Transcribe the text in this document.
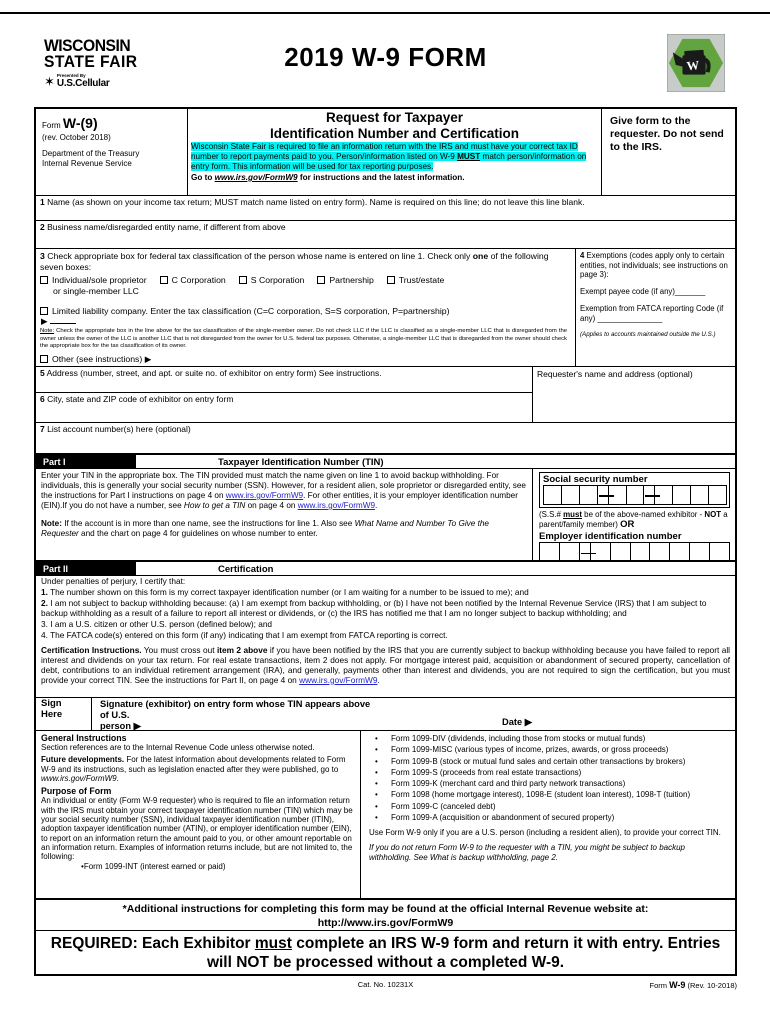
WISCONSIN
STATE FAIR
✶ Presented By
U.S.Cellular
2019 W-9 FORM	W
Form W-(9)
(rev. October 2018)
Department of the Treasury
Internal Revenue Service
Request for Taxpayer
Identification Number and Certification
Wisconsin State Fair is required to file an information return with the IRS and must have your correct tax ID number to report payments paid to you. Person/information listed on W-9 MUST match person/information on entry form. This information will be used for tax reporting purposes.
Go to www.irs.gov/FormW9 for instructions and the latest information.
Give form to the requester. Do not send to the IRS.
1 Name (as shown on your income tax return; MUST match name listed on entry form). Name is required on this line; do not leave this line blank.
2 Business name/disregarded entity name, if different from above
3 Check appropriate box for federal tax classification of the person whose name is entered on line 1. Check only one of the following seven boxes:
Individual/sole proprietor	C Corporation	S Corporation	Partnership	Trust/estate
or single-member LLC
Limited liability company. Enter the tax classification (C=C corporation, S=S corporation, P=partnership)
▶
Note: Check the appropriate box in the line above for the tax classification of the single-member owner. Do not check LLC if the LLC is classified as a single-member LLC that is disregarded from the owner unless the owner of the LLC is another LLC that is not disregarded from the owner for U.S. federal tax purposes. Otherwise, a single-member LLC that is disregarded from the owner should check the appropriate box for the tax classification of its owner.
Other (see instructions) ▶
4 Exemptions (codes apply only to certain entities, not individuals; see instructions on page 3):
Exempt payee code (if any)_______
Exemption from FATCA reporting Code (if any) _______________
(Applies to accounts maintained outside the U.S.)
5 Address (number, street, and apt. or suite no. of exhibitor on entry form) See instructions.
6 City, state and ZIP code of exhibitor on entry form
Requester's name and address (optional)
7 List account number(s) here (optional)
Part I	Taxpayer Identification Number (TIN)
Enter your TIN in the appropriate box. The TIN provided must match the name given on line 1 to avoid backup withholding. For individuals, this is generally your social security number (SSN). However, for a resident alien, sole proprietor or disregarded entity, see the instructions for Part I instructions on page 4 on www.irs.gov/FormW9. For other entities, it is your employer identification number (EIN).If you do not have a number, see How to get a TIN on page 4 on www.irs.gov/FormW9.
Note: If the account is in more than one name, see the instructions for line 1. Also see What Name and Number To Give the Requester and the chart on page 4 for guidelines on whose number to enter.
Social security number
(S.S.# must be of the above-named exhibitor - NOT a parent/family member) OR
Employer identification number
Part II	Certification
Under penalties of perjury, I certify that:
1. The number shown on this form is my correct taxpayer identification number (or I am waiting for a number to be issued to me); and
2. I am not subject to backup withholding because: (a) I am exempt from backup withholding, or (b) I have not been notified by the Internal Revenue Service (IRS) that I am subject to backup withholding as a result of a failure to report all interest or dividends, or (c) the IRS has notified me that I am no longer subject to backup withholding; and
3. I am a U.S. citizen or other U.S. person (defined below); and
4. The FATCA code(s) entered on this form (if any) indicating that I am exempt from FATCA reporting is correct.
Certification Instructions. You must cross out item 2 above if you have been notified by the IRS that you are currently subject to backup withholding because you have failed to report all interest and dividends on your tax return. For real estate transactions, item 2 does not apply. For mortgage interest paid, acquisition or abandonment of secured property, cancellation of debt, contributions to an individual retirement arrangement (IRA), and generally, payments other than interest and dividends, you are not required to sign the certification, but you must provide your correct TIN. See the instructions for Part II, on page 4 on www.irs.gov/FormW9.
Sign
Here
Signature (exhibitor) on entry form whose TIN appears above
of U.S.
person ▶	Date ▶
General Instructions

Section references are to the Internal Revenue Code unless otherwise noted.

Future developments. For the latest information about developments related to Form W-9 and its instructions, such as legislation enacted after they were published, go to www.irs.gov/FormW9.

Purpose of Form

An individual or entity (Form W-9 requester) who is required to file an information return with the IRS must obtain your correct taxpayer identification number (TIN) which may be your social security number (SSN), individual taxpayer identification number (ITIN), adoption taxpayer identification number (ATIN), or employer identification number (EIN), to report on an information return the amount paid to you, or other amount reportable on an information return. Examples of information returns include, but are not limited to, the following:

• Form 1099-INT (interest earned or paid)
•	Form 1099-DIV (dividends, including those from stocks or mutual funds)
•	Form 1099-MISC (various types of income, prizes, awards, or gross proceeds)
•	Form 1099-B (stock or mutual fund sales and certain other transactions by brokers)
•	Form 1099-S (proceeds from real estate transactions)
•	Form 1099-K (merchant card and third party network transactions)
•	Form 1098 (home mortgage interest), 1098-E (student loan interest), 1098-T (tuition)
•	Form 1099-C (canceled debt)
•	Form 1099-A (acquisition or abandonment of secured property)
Use Form W-9 only if you are a U.S. person (including a resident alien), to provide your correct TIN.
If you do not return Form W-9 to the requester with a TIN, you might be subject to backup withholding. See What is backup withholding, page 2.
*Additional instructions for completing this form may be found at the official Internal Revenue website at:
http://www.irs.gov/FormW9
REQUIRED: Each Exhibitor must complete an IRS W-9 form and return it with entry. Entries will NOT be processed without a completed W-9.
Cat. No. 10231X	Form W-9 (Rev. 10-2018)
